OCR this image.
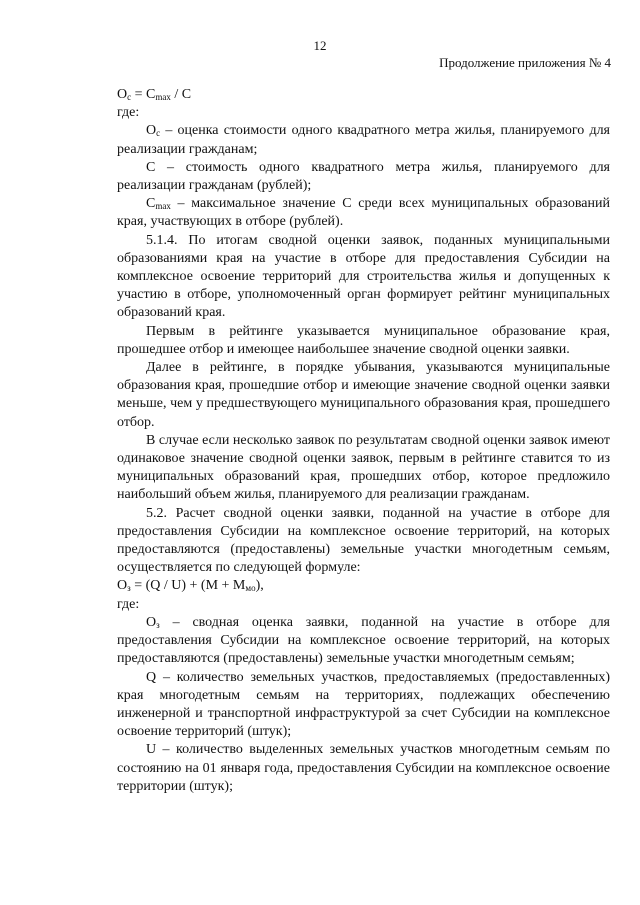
12
Продолжение приложения № 4

$О_с = С_{max} / С$

где:

$О_с$ – оценка стоимости одного квадратного метра жилья, планируемого для реализации гражданам;

С – стоимость одного квадратного метра жилья, планируемого для реализации гражданам (рублей);

$С_{max}$ – максимальное значение С среди всех муниципальных образований края, участвующих в отборе (рублей).

5.1.4. По итогам сводной оценки заявок, поданных муниципальными образованиями края на участие в отборе для предоставления Субсидии на комплексное освоение территорий для строительства жилья и допущенных к участию в отборе, уполномоченный орган формирует рейтинг муниципальных образований края.

Первым в рейтинге указывается муниципальное образование края, прошедшее отбор и имеющее наибольшее значение сводной оценки заявки.

Далее в рейтинге, в порядке убывания, указываются муниципальные образования края, прошедшие отбор и имеющие значение сводной оценки заявки меньше, чем у предшествующего муниципального образования края, прошедшего отбор.

В случае если несколько заявок по результатам сводной оценки заявок имеют одинаковое значение сводной оценки заявок, первым в рейтинге ставится то из муниципальных образований края, прошедших отбор, которое предложило наибольший объем жилья, планируемого для реализации гражданам.

5.2. Расчет сводной оценки заявки, поданной на участие в отборе для предоставления Субсидии на комплексное освоение территорий, на которых предоставляются (предоставлены) земельные участки многодетным семьям, осуществляется по следующей формуле:

$О_з = (Q / U) + (M + M_{мо})$,

где:

$О_з$ – сводная оценка заявки, поданной на участие в отборе для предоставления Субсидии на комплексное освоение территорий, на которых предоставляются (предоставлены) земельные участки многодетным семьям;

Q – количество земельных участков, предоставляемых (предоставленных) края многодетным семьям на территориях, подлежащих обеспечению инженерной и транспортной инфраструктурой за счет Субсидии на комплексное освоение территорий (штук);

U – количество выделенных земельных участков многодетным семьям по состоянию на 01 января года, предоставления Субсидии на комплексное освоение территории (штук);
